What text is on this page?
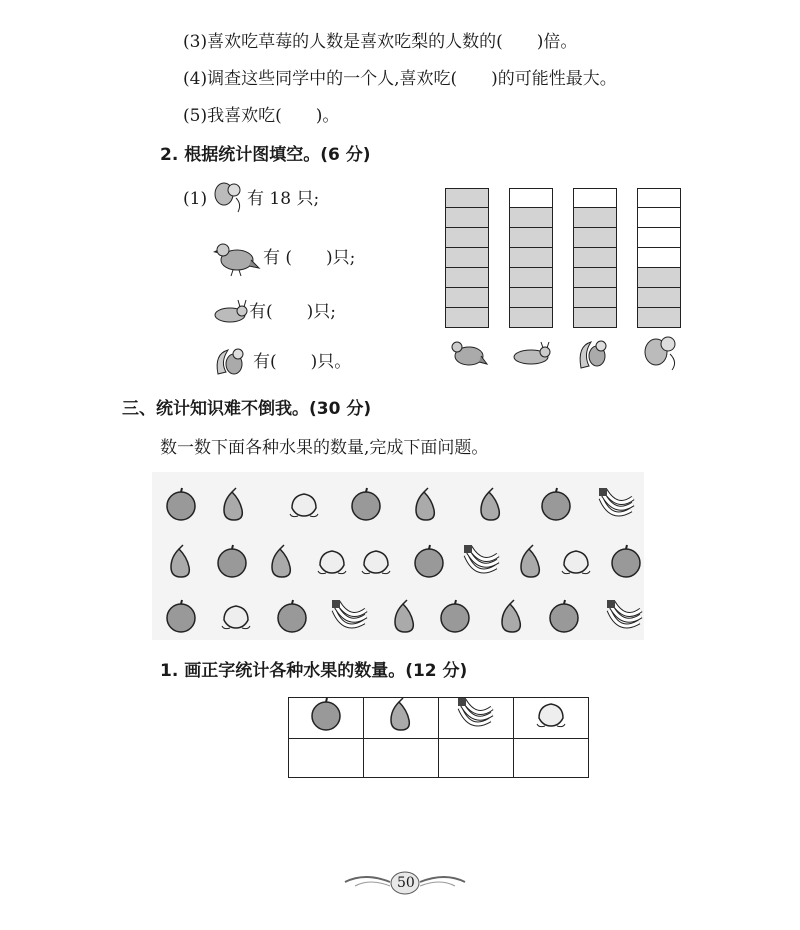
(3)喜欢吃草莓的人数是喜欢吃梨的人数的(　　)倍。
(4)调查这些同学中的一个人,喜欢吃(　　)的可能性最大。
(5)我喜欢吃(　　)。
2. 根据统计图填空。(6 分)
(1) 有 18 只;
有 (　　)只;
有(　　)只;
有(　　)只。
三、统计知识难不倒我。(30 分)
数一数下面各种水果的数量,完成下面问题。
1. 画正字统计各种水果的数量。(12 分)

50
